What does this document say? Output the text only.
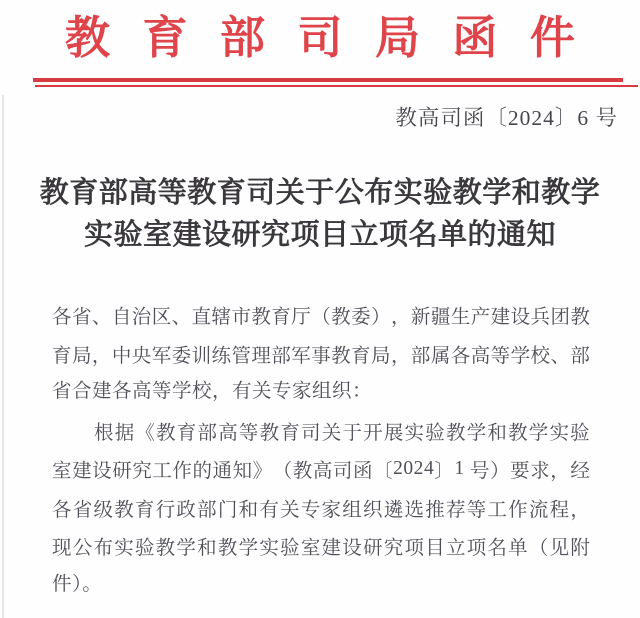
教 育 部 司 局 函 件
教高司函〔2024〕6 号
教育部高等教育司关于公布实验教学和教学
实验室建设研究项目立项名单的通知
各 省 、 自 治 区 、 直 辖 市 教 育 厅 （ 教 委 ） ， 新 疆 生 产 建 设 兵 团 教
育 局 ， 中 央 军 委 训 练 管 理 部 军 事 教 育 局 ， 部 属 各 高 等 学 校 、 部
省合建各高等学校，有关专家组织：
根 据 《 教 育 部 高 等 教 育 司 关 于 开 展 实 验 教 学 和 教 学 实 验
室 建 设 研 究 工 作 的 通 知 》 （ 教 高 司 函 〔 2 0 2 4 〕 1
号 ） 要 求 ， 经
各 省 级 教 育 行 政 部 门 和 有 关 专 家 组 织 遴 选 推 荐 等 工 作 流 程 ，
现 公 布 实 验 教 学 和 教 学 实 验 室 建 设 研 究 项 目 立 项 名 单 （ 见 附
件）。
